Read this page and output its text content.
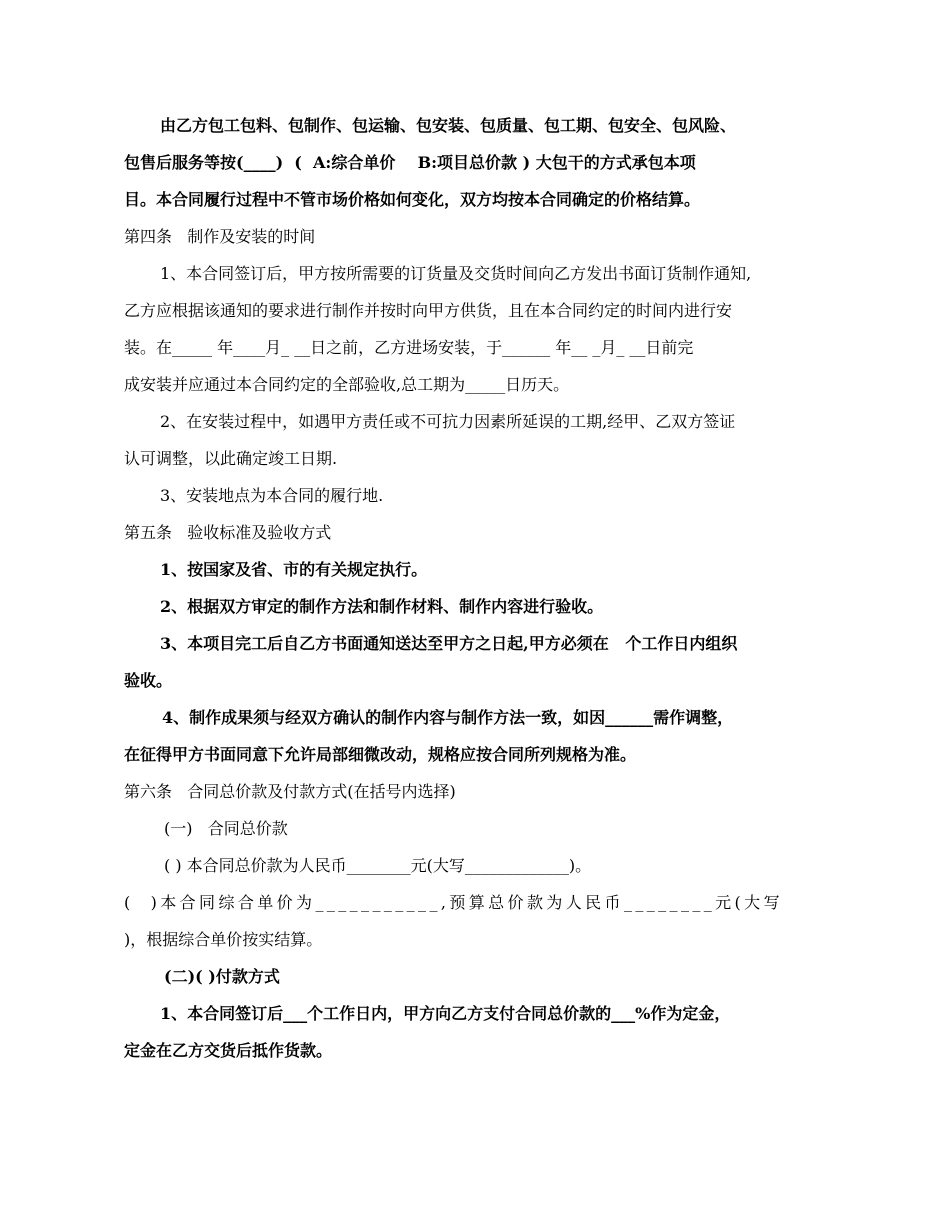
由乙方包工包料、包制作、包运输、包安装、包质量、包工期、包安全、包风险、
包售后服务等按(____)  (  A:综合单价    B:项目总价款 ) 大包干的方式承包本项
目。本合同履行过程中不管市场价格如何变化，双方均按本合同确定的价格结算。
第四条   制作及安装的时间
1、本合同签订后，甲方按所需要的订货量及交货时间向乙方发出书面订货制作通知,
乙方应根据该通知的要求进行制作并按时向甲方供货，且在本合同约定的时间内进行安
装。在_____ 年____月_ __日之前，乙方进场安装，于______ 年__ _月_ __日前完
成安装并应通过本合同约定的全部验收,总工期为_____日历天。
2、在安装过程中，如遇甲方责任或不可抗力因素所延误的工期,经甲、乙双方签证
认可调整，以此确定竣工日期.
3、安装地点为本合同的履行地.
第五条   验收标准及验收方式
1、按国家及省、市的有关规定执行。
2、根据双方审定的制作方法和制作材料、制作内容进行验收。
3、本项目完工后自乙方书面通知送达至甲方之日起,甲方必须在   个工作日内组织
验收。
4、制作成果须与经双方确认的制作内容与制作方法一致，如因______需作调整，
在征得甲方书面同意下允许局部细微改动，规格应按合同所列规格为准。
第六条   合同总价款及付款方式(在括号内选择)
(一)   合同总价款
( ) 本合同总价款为人民币________元(大写_____________)。
(  )本合同综合单价为___________,预算总价款为人民币________元(大写
)，根据综合单价按实结算。
(二)( )付款方式
1、本合同签订后___个工作日内，甲方向乙方支付合同总价款的___%作为定金，
定金在乙方交货后抵作货款。
